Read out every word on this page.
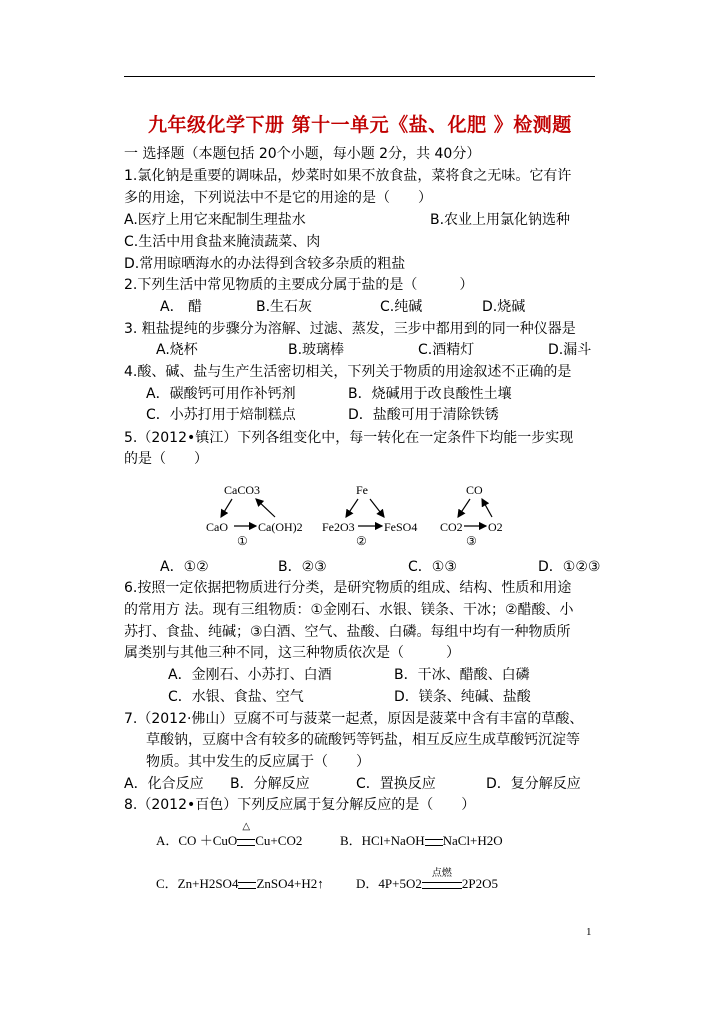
九年级化学下册 第十一单元《盐、化肥 》检测题
一 选择题（本题包括 20个小题，每小题 2分，共 40分）
1.氯化钠是重要的调味品，炒菜时如果不放食盐，菜将食之无味。它有许
多的用途，下列说法中不是它的用途的是（　　）
A.医疗上用它来配制生理盐水	B.农业上用氯化钠选种
C.生活中用食盐来腌渍蔬菜、肉
D.常用晾晒海水的办法得到含较多杂质的粗盐
2.下列生活中常见物质的主要成分属于盐的是（　　　）
A． 醋	B.生石灰	C.纯碱	D.烧碱
3. 粗盐提纯的步骤分为溶解、过滤、蒸发，三步中都用到的同一种仪器是
A.烧杯	B.玻璃棒	C.酒精灯	D.漏斗
4.酸、碱、盐与生产生活密切相关，下列关于物质的用途叙述不正确的是
A．碳酸钙可用作补钙剂	B．烧碱用于改良酸性土壤
C．小苏打用于焙制糕点	D．盐酸可用于清除铁锈
5.（2012•镇江）下列各组变化中，每一转化在一定条件下均能一步实现
的是（　　）
CaCO3
CaO	Ca(OH)2
①
Fe
Fe2O3 FeSO4
②
CO
CO2 O2
③
A．①②	B．②③	C．①③	D．①②③
6.按照一定依据把物质进行分类，是研究物质的组成、结构、性质和用途
的常用方 法。现有三组物质：①金刚石、水银、镁条、干冰；②醋酸、小
苏打、食盐、纯碱；③白酒、空气、盐酸、白磷。每组中均有一种物质所
属类别与其他三种不同，这三种物质依次是（　　　）
A．金刚石、小苏打、白酒	B．干冰、醋酸、白磷
C．水银、食盐、空气	D．镁条、纯碱、盐酸
7.（2012·佛山）豆腐不可与菠菜一起煮，原因是菠菜中含有丰富的草酸、
草酸钠，豆腐中含有较多的硫酸钙等钙盐，相互反应生成草酸钙沉淀等
物质。其中发生的反应属于（　　）
A．化合反应 B．分解反应	C．置换反应	D．复分解反应
8.（2012•百色）下列反应属于复分解反应的是（　　）
A．CO ＋CuO
△
Cu+CO2	B．HCl+NaOH NaCl+H2O
C．Zn+H2SO4 ZnSO4+H2↑ D．4P+5O2
点燃
2P2O5
1
